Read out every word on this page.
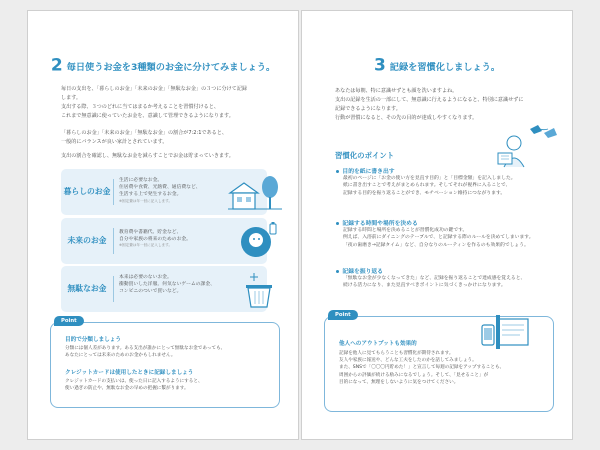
2 毎日使うお金を3種類のお金に分けてみましょう。
毎日の支出を、「暮らしのお金」「未来のお金」「無駄なお金」の３つに分けて記録
します。
支出する際、３つのどれに当てはまるか考えることを習慣付けると、
これまで無意識に使っていたお金を、意識して管理できるようになります。
「暮らしのお金」「未来のお金」「無駄なお金」の割合が7:2:1であると、
一般的にバランスが良い家計とされています。
支出の割合を確認し、無駄なお金を減らすことでお金は貯まっていきます。
暮らしのお金
生活に必要なお金。
住居費や食費、光熱費、通信費など、
生活する上で発生するお金。
※固定費は年一回に記入します。
未来のお金
教育費や書籍代、貯金など、
自分や家族の将来のためのお金。
※固定費は年一回に記入します。
無駄なお金
本来は必要のないお金。
衝動買いした洋服、何気ないゲームの課金、
コンビニのついで買いなど。
Point
目的で分類しましょう
分類には個人差があります。ある支出が誰かにとって無駄なお金であっても、
あなたにとっては未来のためのお金かもしれません。
クレジットカードは使用したときに記録しましょう
クレジットカードの支払いは、使った日に記入するようにすると、
使い過ぎの防止や、無駄なお金の早めの把握に繋がります。
3 記録を習慣化しましょう。
あなたは毎朝、特に意識せずとも顔を洗いますよね。
支出の記録を生活の一部にして、無意識に行えるようになると、特別に意識せずに
記録できるようになります。
行動が習慣になると、その先の目的が達成しやすくなります。
習慣化のポイント
目的を紙に書き出す
最初のページに「お金の使い方を見直す目的」と「目標金額」を記入しました。
紙に書き出すことで考えがまとめられます。そしてそれが視界に入ることで、
記録する目的を振り返ることができ、モチベーション維持につながります。
記録する時間や場所を決める
記録する時間と場所を決めることが習慣化成功の鍵です。
例えば、入浴前にダイニングのテーブルで、と記録する際のルールを決めてしまいます。
「夜の歯磨き→記録タイム」など、自分なりのルーティンを作るのも効果的でしょう。
記録を振り返る
「無駄なお金が少なくなってきた」など、記録を振り返ることで達成感を覚えると、
続ける活力になり、また見直すべきポイントに気づくきっかけになります。
Point
他人へのアウトプットも効果的
記録を他人に見てもらうことも習慣化が期待されます。
友人や家族に報送や、どんな工夫をしたのかを話してみましょう。
また、SNSで「〇〇〇円貯めた！」と宣言して毎週の記録をアップすることも、
周囲からの評価が続ける励みになるでしょう。そして、「見せること」が
目的になって、無理をしないように気をつけてください。
